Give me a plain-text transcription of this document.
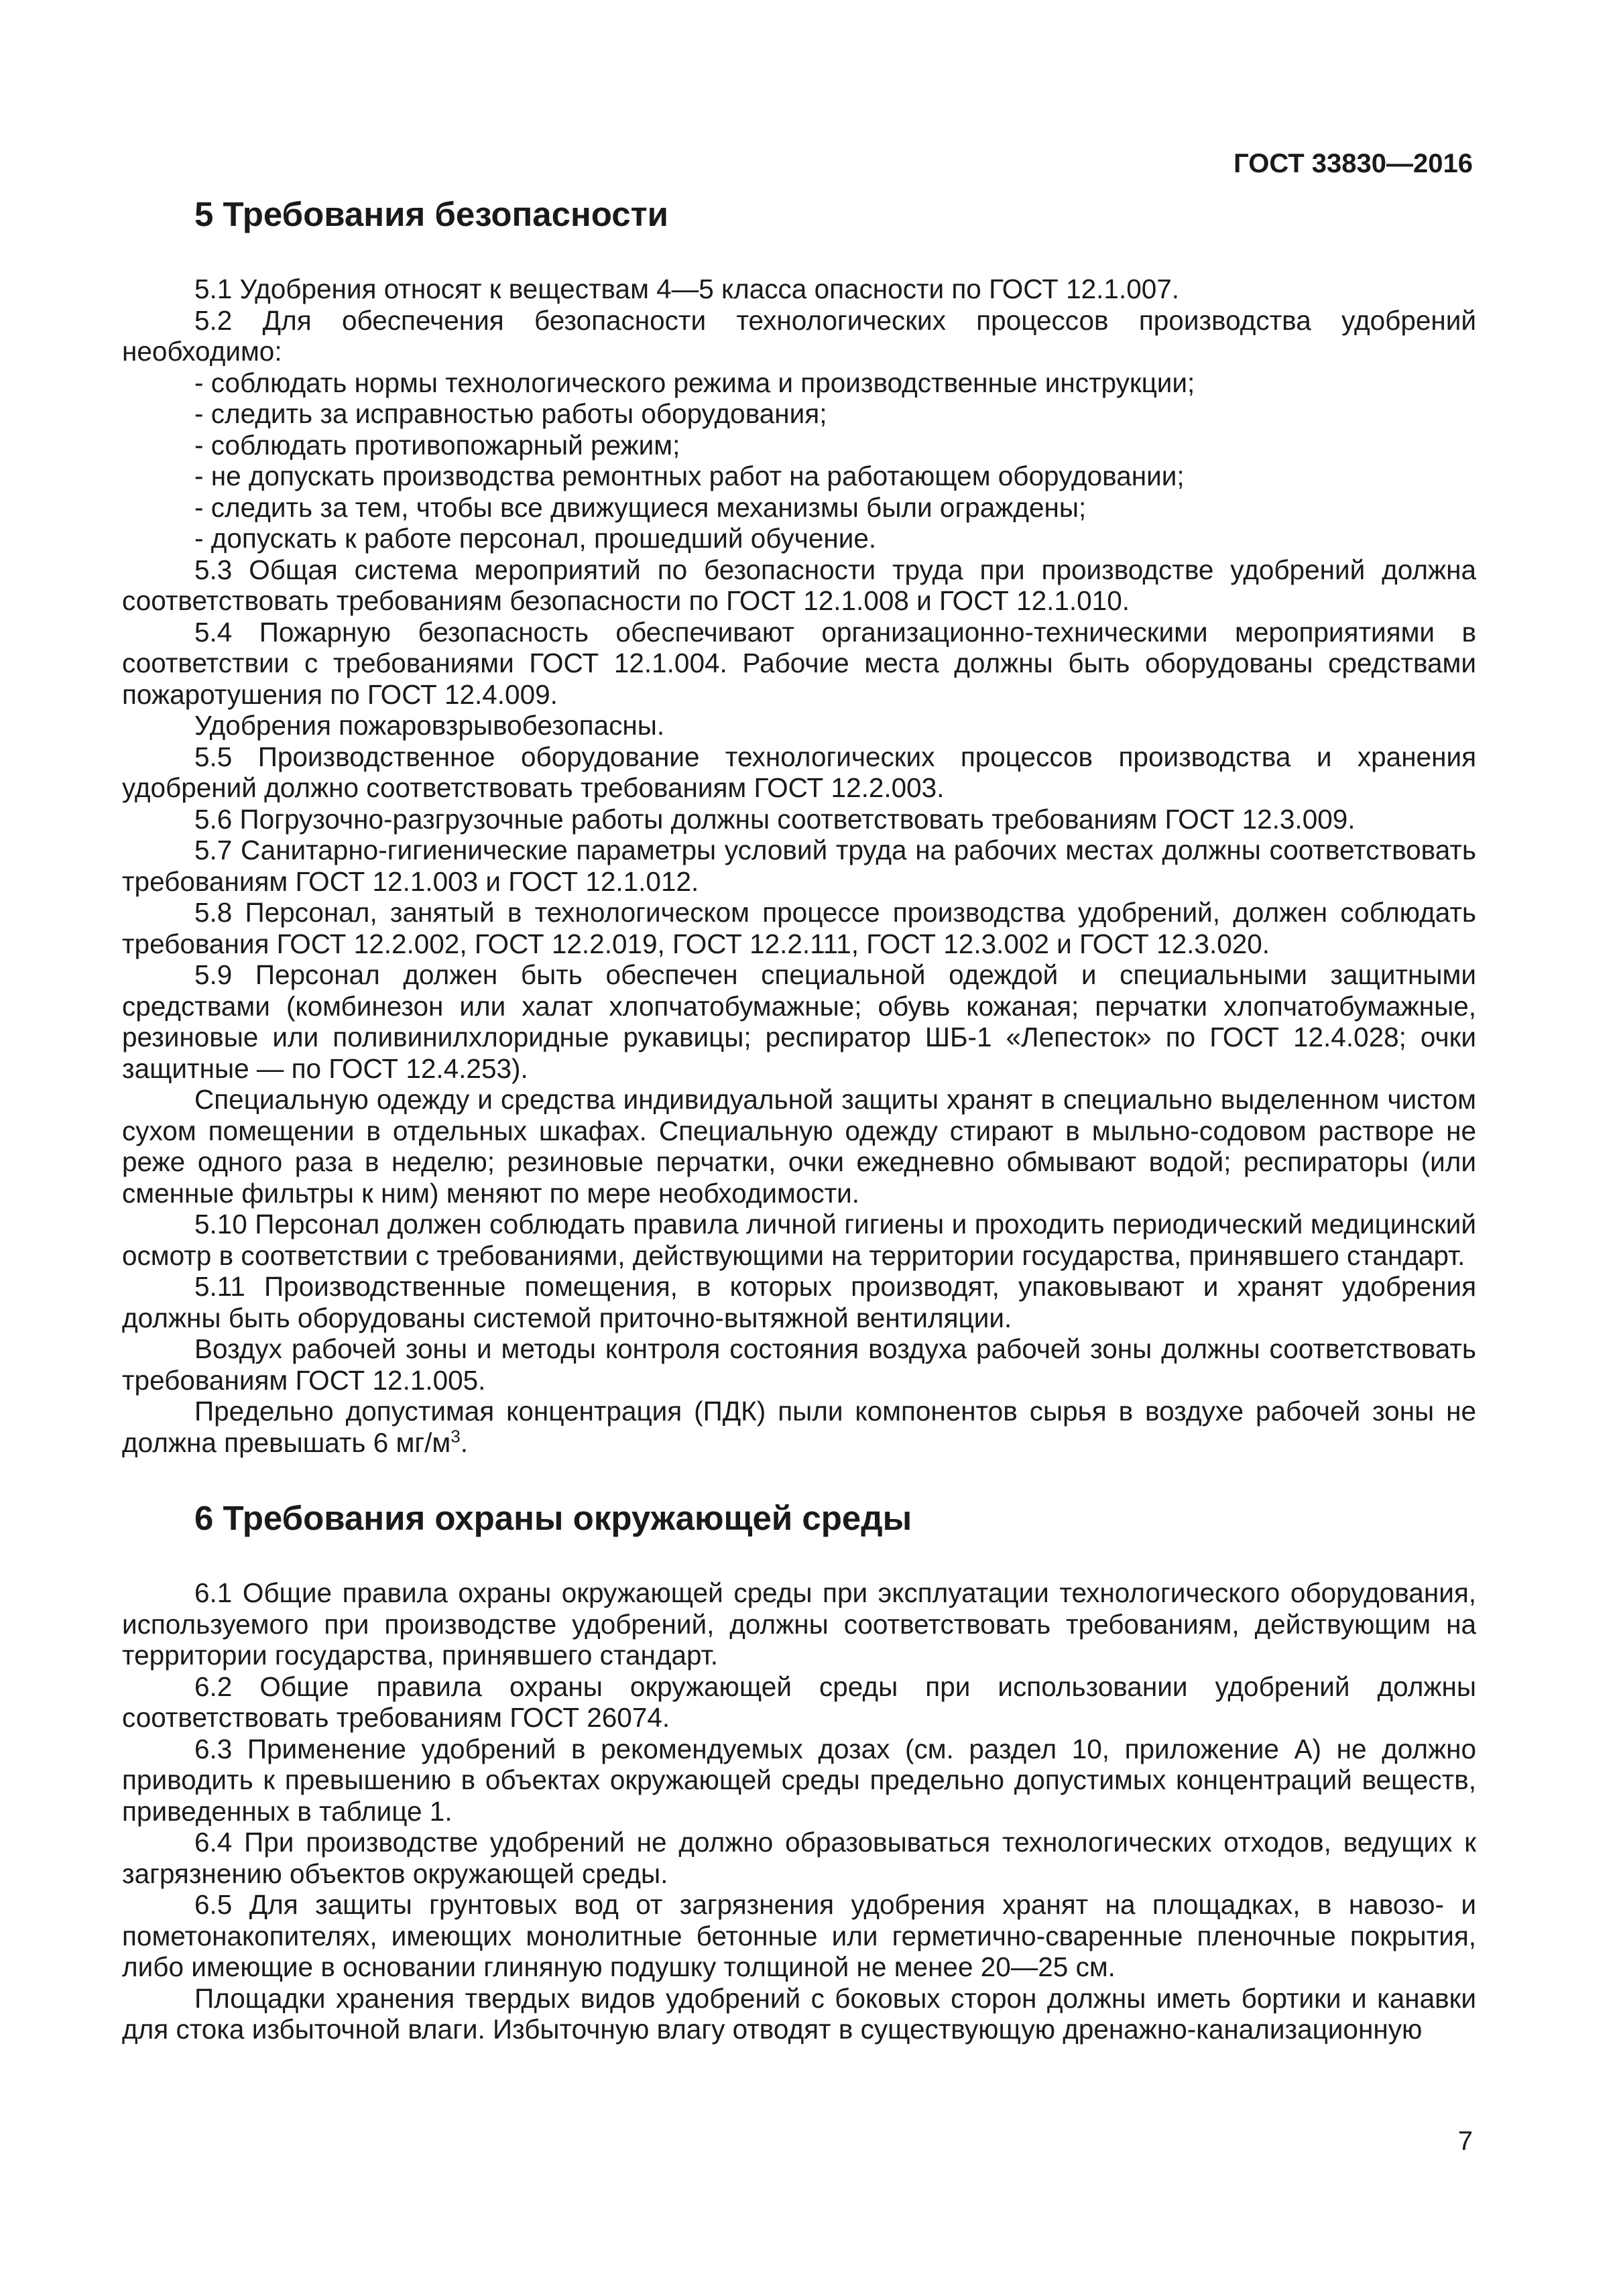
ГОСТ 33830—2016
5 Требования безопасности

5.1 Удобрения относят к веществам 4—5 класса опасности по ГОСТ 12.1.007.

5.2 Для обеспечения безопасности технологических процессов производства удобрений необходимо:

- соблюдать нормы технологического режима и производственные инструкции;

- следить за исправностью работы оборудования;

- соблюдать противопожарный режим;

- не допускать производства ремонтных работ на работающем оборудовании;

- следить за тем, чтобы все движущиеся механизмы были ограждены;

- допускать к работе персонал, прошедший обучение.

5.3 Общая система мероприятий по безопасности труда при производстве удобрений должна соответствовать требованиям безопасности по ГОСТ 12.1.008 и ГОСТ 12.1.010.

5.4 Пожарную безопасность обеспечивают организационно-техническими мероприятиями в соответствии с требованиями ГОСТ 12.1.004. Рабочие места должны быть оборудованы средствами пожаротушения по ГОСТ 12.4.009.

Удобрения пожаровзрывобезопасны.

5.5 Производственное оборудование технологических процессов производства и хранения удобрений должно соответствовать требованиям ГОСТ 12.2.003.

5.6 Погрузочно-разгрузочные работы должны соответствовать требованиям ГОСТ 12.3.009.

5.7 Санитарно-гигиенические параметры условий труда на рабочих местах должны соответствовать требованиям ГОСТ 12.1.003 и ГОСТ 12.1.012.

5.8 Персонал, занятый в технологическом процессе производства удобрений, должен соблюдать требования ГОСТ 12.2.002, ГОСТ 12.2.019, ГОСТ 12.2.111, ГОСТ 12.3.002 и ГОСТ 12.3.020.

5.9 Персонал должен быть обеспечен специальной одеждой и специальными защитными средствами (комбинезон или халат хлопчатобумажные; обувь кожаная; перчатки хлопчатобумажные, резиновые или поливинилхлоридные рукавицы; респиратор ШБ-1 «Лепесток» по ГОСТ 12.4.028; очки защитные — по ГОСТ 12.4.253).

Специальную одежду и средства индивидуальной защиты хранят в специально выделенном чистом сухом помещении в отдельных шкафах. Специальную одежду стирают в мыльно-содовом растворе не реже одного раза в неделю; резиновые перчатки, очки ежедневно обмывают водой; респираторы (или сменные фильтры к ним) меняют по мере необходимости.

5.10 Персонал должен соблюдать правила личной гигиены и проходить периодический медицинский осмотр в соответствии с требованиями, действующими на территории государства, принявшего стандарт.

5.11 Производственные помещения, в которых производят, упаковывают и хранят удобрения должны быть оборудованы системой приточно-вытяжной вентиляции.

Воздух рабочей зоны и методы контроля состояния воздуха рабочей зоны должны соответствовать требованиям ГОСТ 12.1.005.

Предельно допустимая концентрация (ПДК) пыли компонентов сырья в воздухе рабочей зоны не должна превышать 6 $мг/м^3$.

6 Требования охраны окружающей среды

6.1 Общие правила охраны окружающей среды при эксплуатации технологического оборудования, используемого при производстве удобрений, должны соответствовать требованиям, действующим на территории государства, принявшего стандарт.

6.2 Общие правила охраны окружающей среды при использовании удобрений должны соответствовать требованиям ГОСТ 26074.

6.3 Применение удобрений в рекомендуемых дозах (см. раздел 10, приложение А) не должно приводить к превышению в объектах окружающей среды предельно допустимых концентраций веществ, приведенных в таблице 1.

6.4 При производстве удобрений не должно образовываться технологических отходов, ведущих к загрязнению объектов окружающей среды.

6.5 Для защиты грунтовых вод от загрязнения удобрения хранят на площадках, в навозо- и пометонакопителях, имеющих монолитные бетонные или герметично-сваренные пленочные покрытия, либо имеющие в основании глиняную подушку толщиной не менее 20—25 см.

Площадки хранения твердых видов удобрений с боковых сторон должны иметь бортики и канавки для стока избыточной влаги. Избыточную влагу отводят в существующую дренажно-канализационную

7
